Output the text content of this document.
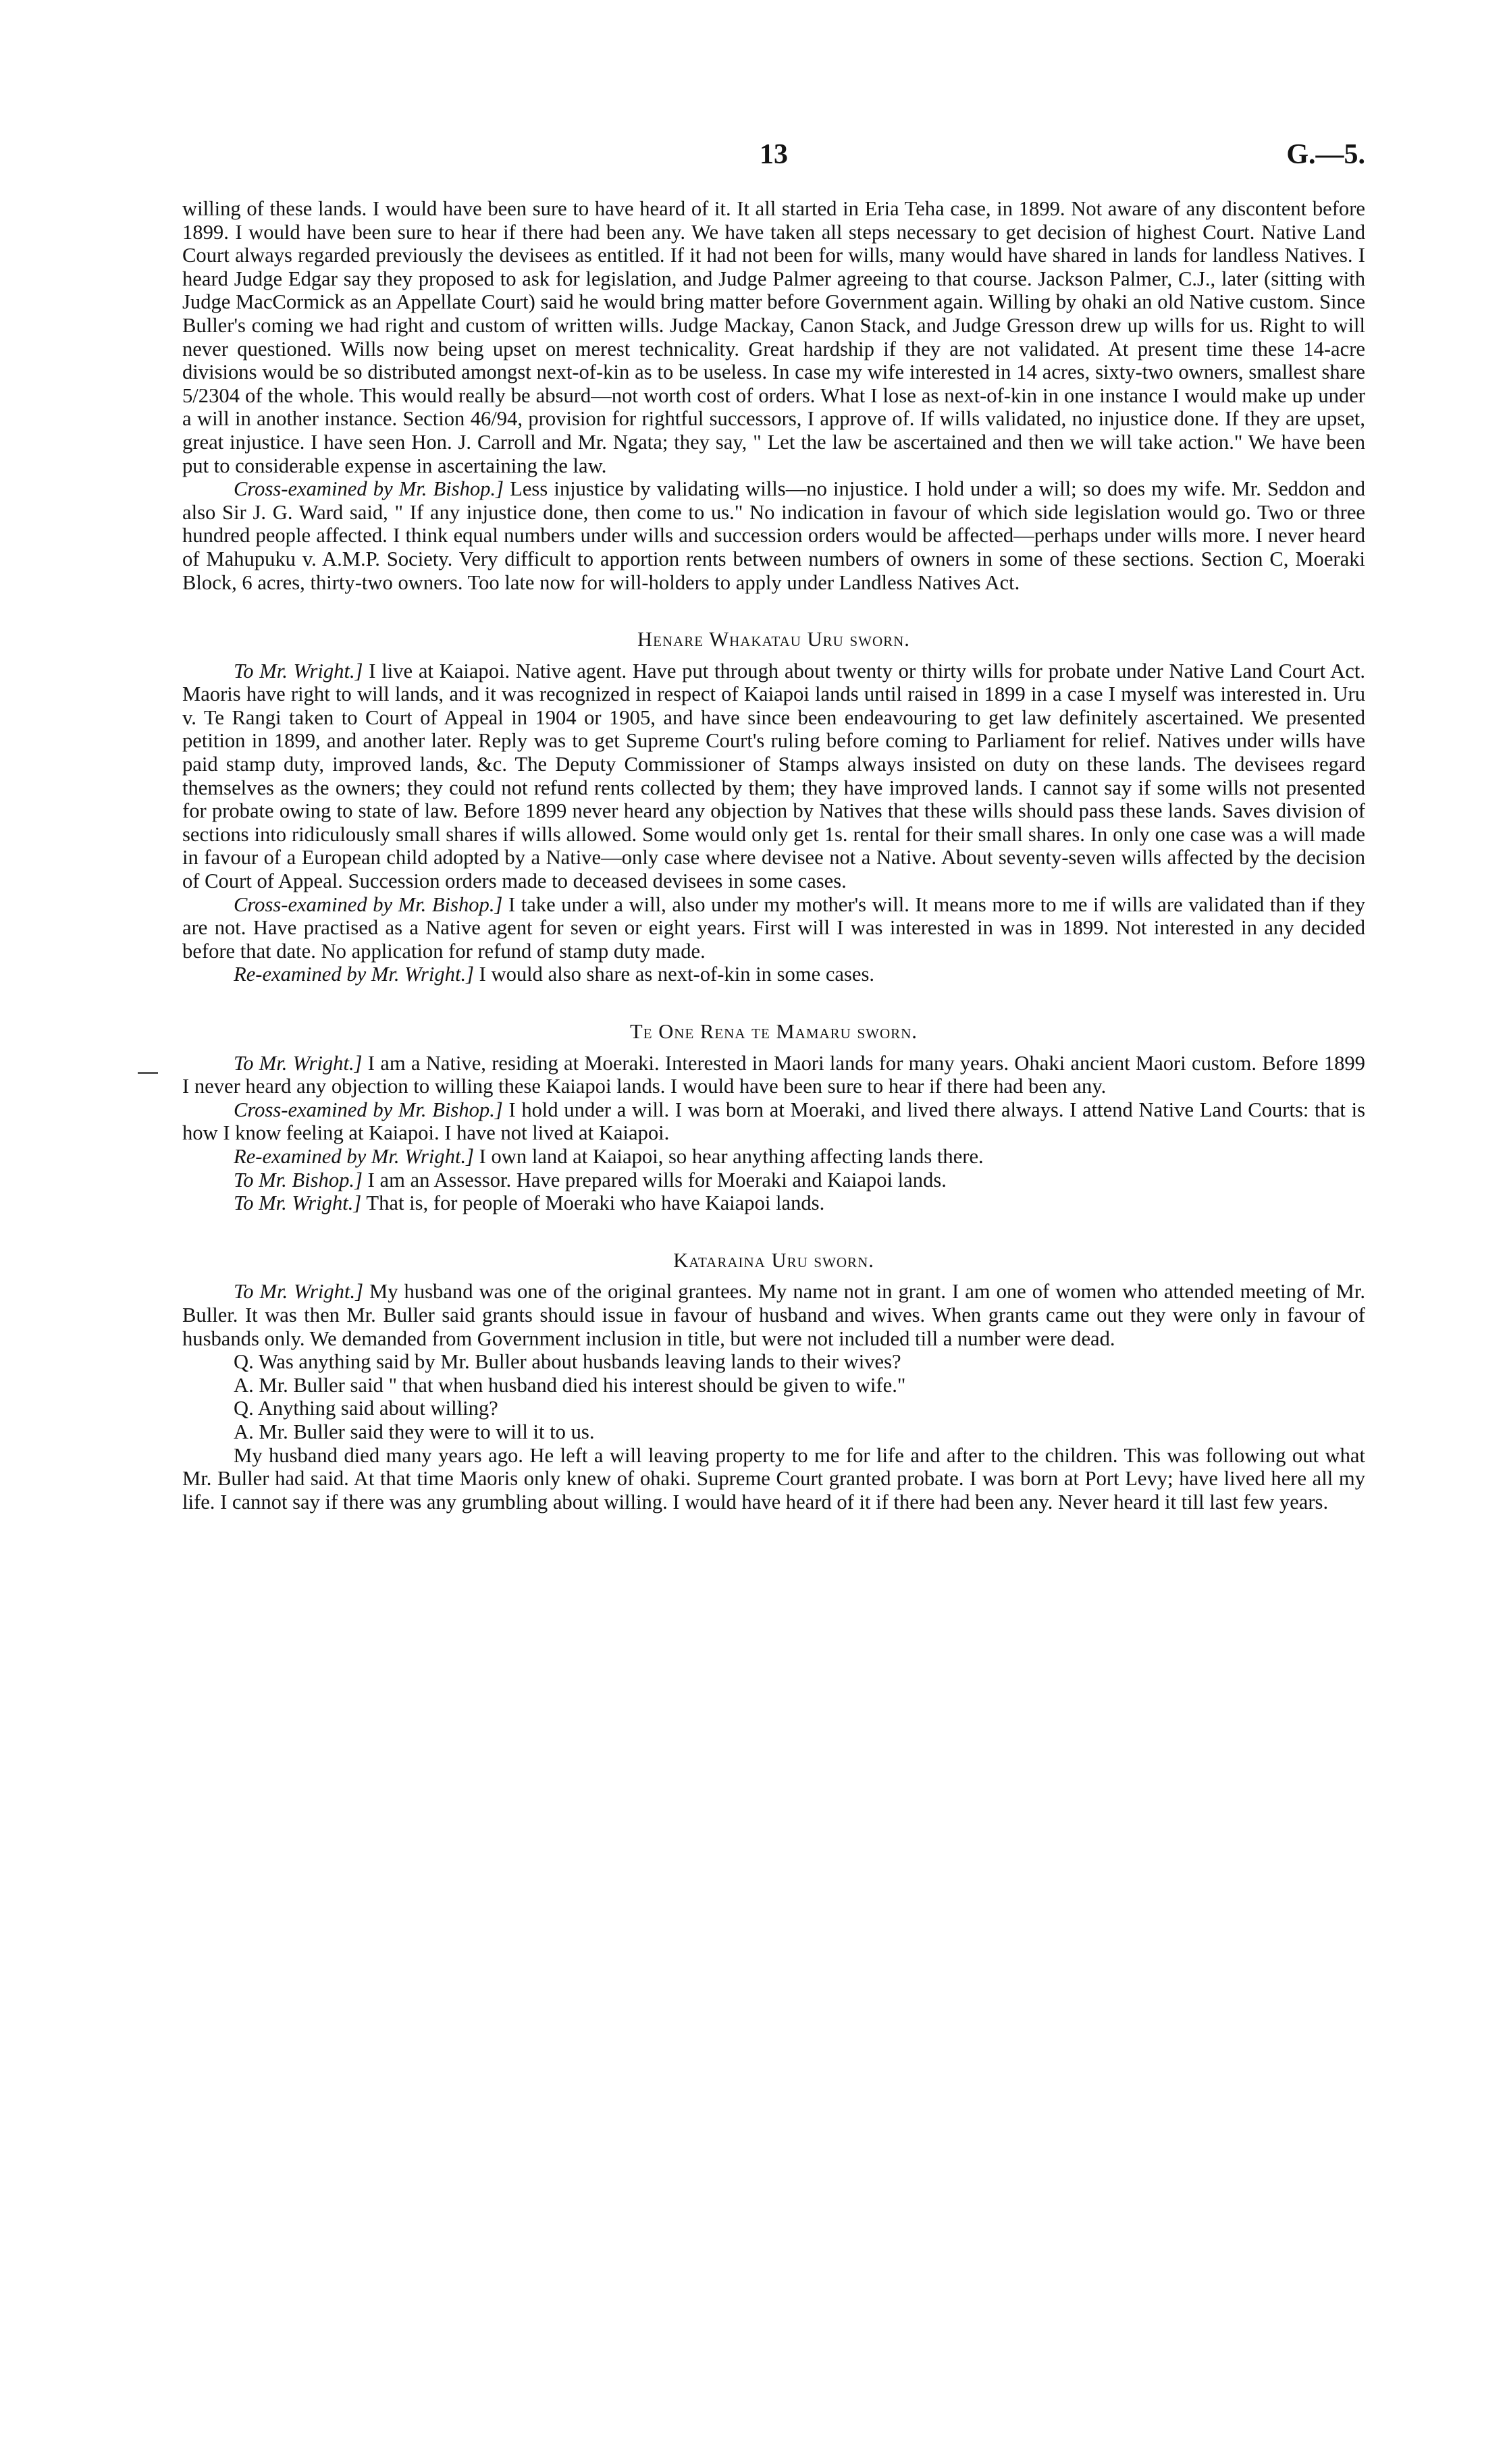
13	G.—5.

willing of these lands. I would have been sure to have heard of it. It all started in Eria Teha case, in 1899. Not aware of any discontent before 1899. I would have been sure to hear if there had been any. We have taken all steps necessary to get decision of highest Court. Native Land Court always regarded previously the devisees as entitled. If it had not been for wills, many would have shared in lands for landless Natives. I heard Judge Edgar say they proposed to ask for legislation, and Judge Palmer agreeing to that course. Jackson Palmer, C.J., later (sitting with Judge MacCormick as an Appellate Court) said he would bring matter before Government again. Willing by ohaki an old Native custom. Since Buller's coming we had right and custom of written wills. Judge Mackay, Canon Stack, and Judge Gresson drew up wills for us. Right to will never questioned. Wills now being upset on merest technicality. Great hardship if they are not validated. At present time these 14-acre divisions would be so distributed amongst next-of-kin as to be useless. In case my wife interested in 14 acres, sixty-two owners, smallest share 5/2304 of the whole. This would really be absurd—not worth cost of orders. What I lose as next-of-kin in one instance I would make up under a will in another instance. Section 46/94, provision for rightful successors, I approve of. If wills validated, no injustice done. If they are upset, great injustice. I have seen Hon. J. Carroll and Mr. Ngata; they say, " Let the law be ascertained and then we will take action." We have been put to considerable expense in ascertaining the law.

Cross-examined by Mr. Bishop.] Less injustice by validating wills—no injustice. I hold under a will; so does my wife. Mr. Seddon and also Sir J. G. Ward said, " If any injustice done, then come to us." No indication in favour of which side legislation would go. Two or three hundred people affected. I think equal numbers under wills and succession orders would be affected—perhaps under wills more. I never heard of Mahupuku v. A.M.P. Society. Very difficult to apportion rents between numbers of owners in some of these sections. Section C, Moeraki Block, 6 acres, thirty-two owners. Too late now for will-holders to apply under Landless Natives Act.

Henare Whakatau Uru sworn.

To Mr. Wright.] I live at Kaiapoi. Native agent. Have put through about twenty or thirty wills for probate under Native Land Court Act. Maoris have right to will lands, and it was recognized in respect of Kaiapoi lands until raised in 1899 in a case I myself was interested in. Uru v. Te Rangi taken to Court of Appeal in 1904 or 1905, and have since been endeavouring to get law definitely ascertained. We presented petition in 1899, and another later. Reply was to get Supreme Court's ruling before coming to Parliament for relief. Natives under wills have paid stamp duty, improved lands, &c. The Deputy Commissioner of Stamps always insisted on duty on these lands. The devisees regard themselves as the owners; they could not refund rents collected by them; they have improved lands. I cannot say if some wills not presented for probate owing to state of law. Before 1899 never heard any objection by Natives that these wills should pass these lands. Saves division of sections into ridiculously small shares if wills allowed. Some would only get 1s. rental for their small shares. In only one case was a will made in favour of a European child adopted by a Native—only case where devisee not a Native. About seventy-seven wills affected by the decision of Court of Appeal. Succession orders made to deceased devisees in some cases.

Cross-examined by Mr. Bishop.] I take under a will, also under my mother's will. It means more to me if wills are validated than if they are not. Have practised as a Native agent for seven or eight years. First will I was interested in was in 1899. Not interested in any decided before that date. No application for refund of stamp duty made.

Re-examined by Mr. Wright.] I would also share as next-of-kin in some cases.

Te One Rena te Mamaru sworn.

To Mr. Wright.] I am a Native, residing at Moeraki. Interested in Maori lands for many years. Ohaki ancient Maori custom. Before 1899 I never heard any objection to willing these Kaiapoi lands. I would have been sure to hear if there had been any.

Cross-examined by Mr. Bishop.] I hold under a will. I was born at Moeraki, and lived there always. I attend Native Land Courts: that is how I know feeling at Kaiapoi. I have not lived at Kaiapoi.

Re-examined by Mr. Wright.] I own land at Kaiapoi, so hear anything affecting lands there.

To Mr. Bishop.] I am an Assessor. Have prepared wills for Moeraki and Kaiapoi lands.

To Mr. Wright.] That is, for people of Moeraki who have Kaiapoi lands.

Kataraina Uru sworn.

To Mr. Wright.] My husband was one of the original grantees. My name not in grant. I am one of women who attended meeting of Mr. Buller. It was then Mr. Buller said grants should issue in favour of husband and wives. When grants came out they were only in favour of husbands only. We demanded from Government inclusion in title, but were not included till a number were dead.

Q. Was anything said by Mr. Buller about husbands leaving lands to their wives?

A. Mr. Buller said " that when husband died his interest should be given to wife."

Q. Anything said about willing?

A. Mr. Buller said they were to will it to us.

My husband died many years ago. He left a will leaving property to me for life and after to the children. This was following out what Mr. Buller had said. At that time Maoris only knew of ohaki. Supreme Court granted probate. I was born at Port Levy; have lived here all my life. I cannot say if there was any grumbling about willing. I would have heard of it if there had been any. Never heard it till last few years.
